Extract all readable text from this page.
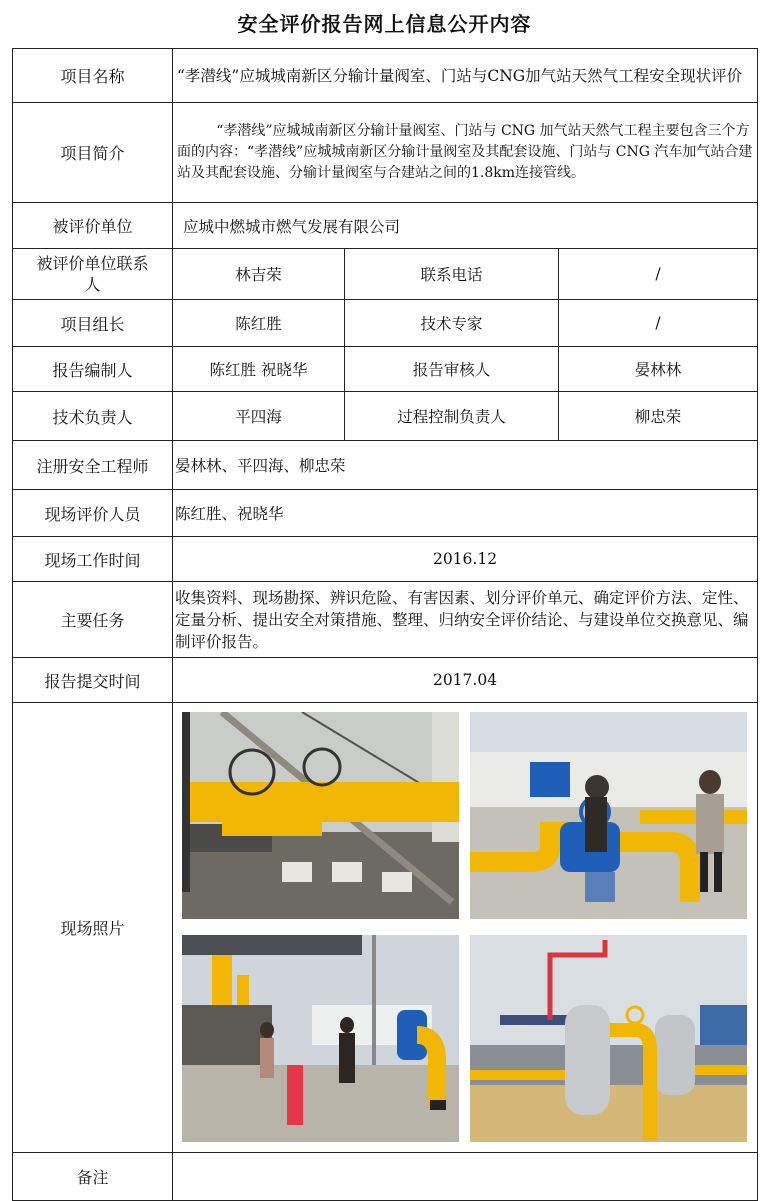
安全评价报告网上信息公开内容
项目名称	“孝潜线”应城城南新区分输计量阀室、门站与CNG加气站天然气工程安全现状评价		
项目简介	“孝潜线”应城城南新区分输计量阀室、门站与 CNG 加气站天然气工程主要包含三个方面的内容：“孝潜线”应城城南新区分输计量阀室及其配套设施、门站与 CNG 汽车加气站合建站及其配套设施、分输计量阀室与合建站之间的1.8km连接管线。		
被评价单位	应城中燃城市燃气发展有限公司		
被评价单位联系人	林吉荣	联系电话	/
项目组长	陈红胜	技术专家	/
报告编制人	陈红胜 祝晓华	报告审核人	晏林林
技术负责人	平四海	过程控制负责人	柳忠荣
注册安全工程师	晏林林、平四海、柳忠荣		
现场评价人员	陈红胜、祝晓华		
现场工作时间	2016.12		
主要任务	收集资料、现场勘探、辨识危险、有害因素、划分评价单元、确定评价方法、定性、定量分析、提出安全对策措施、整理、归纳安全评价结论、与建设单位交换意见、编制评价报告。		
报告提交时间	2017.04		
现场照片	

备注			
